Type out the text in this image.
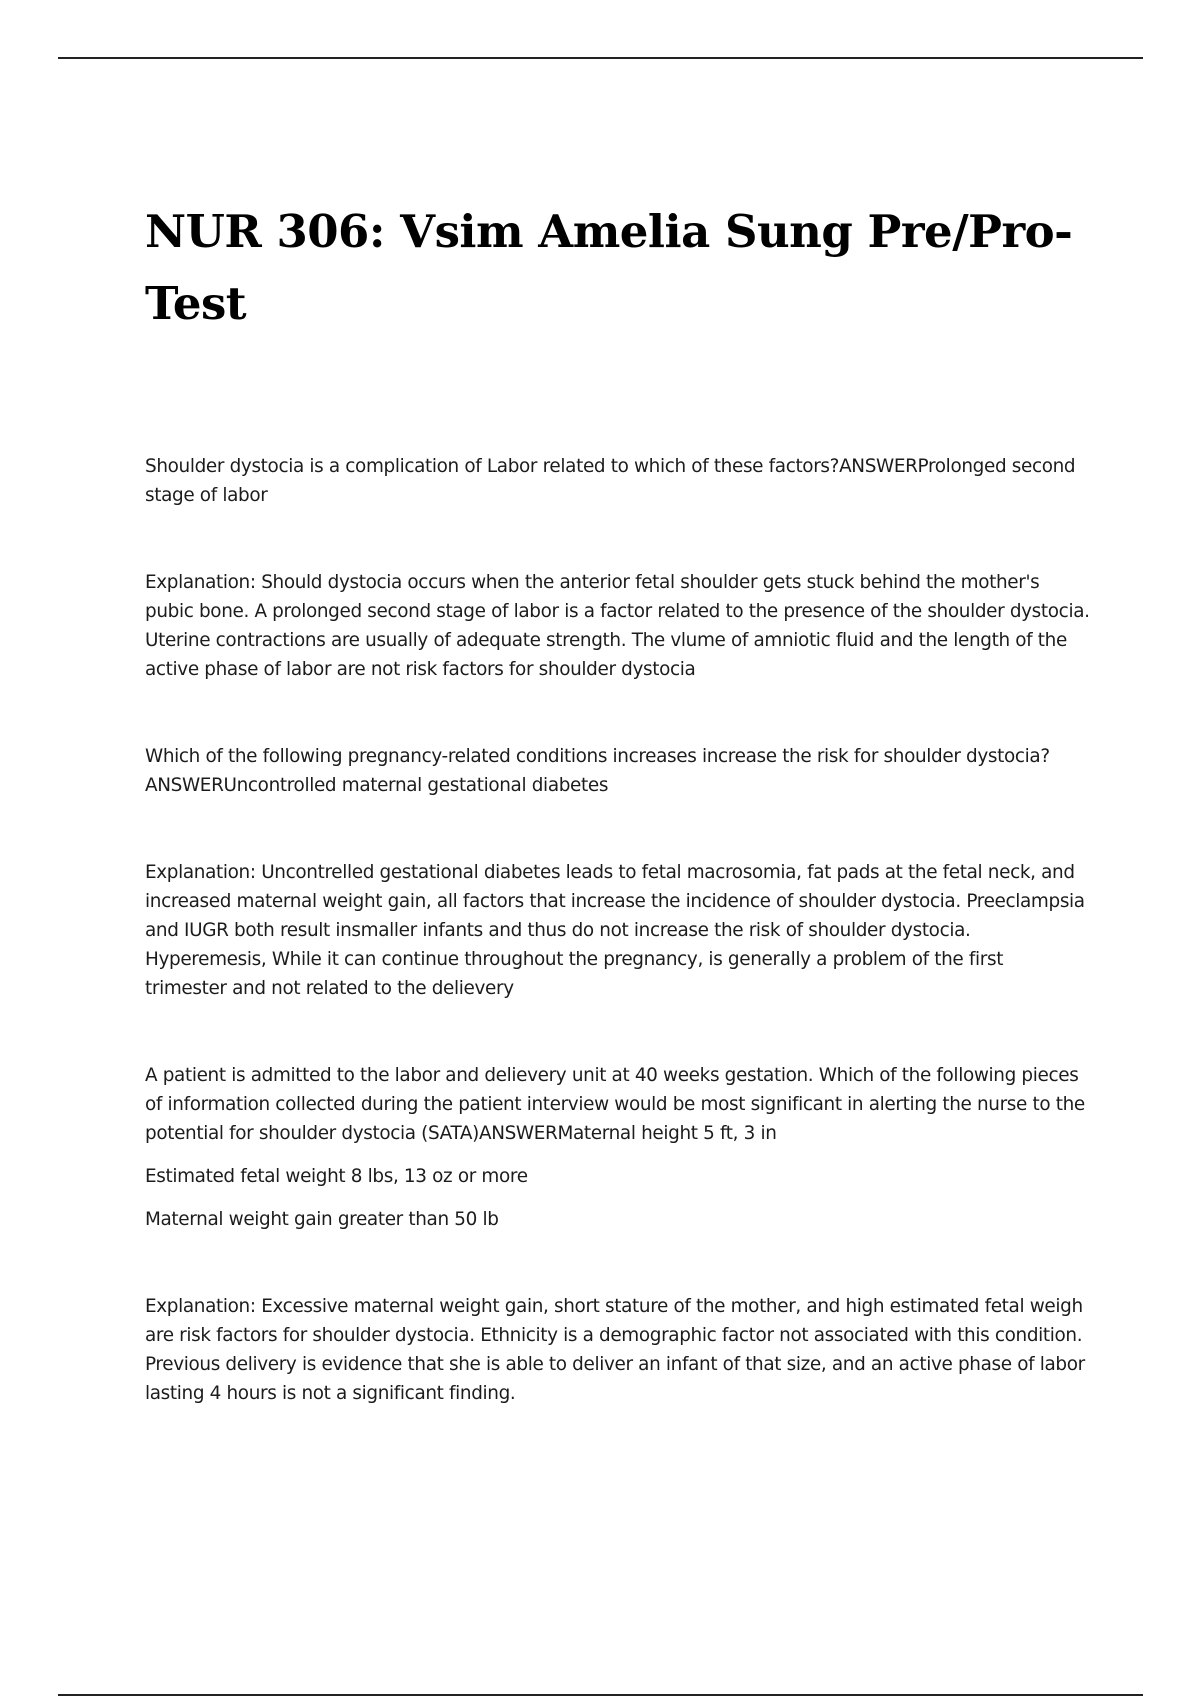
NUR 306: Vsim Amelia Sung Pre/Pro-Test

Shoulder dystocia is a complication of Labor related to which of these factors?ANSWERProlonged second stage of labor

Explanation: Should dystocia occurs when the anterior fetal shoulder gets stuck behind the mother's pubic bone. A prolonged second stage of labor is a factor related to the presence of the shoulder dystocia. Uterine contractions are usually of adequate strength. The vlume of amniotic fluid and the length of the active phase of labor are not risk factors for shoulder dystocia

Which of the following pregnancy-related conditions increases increase the risk for shoulder dystocia?ANSWERUncontrolled maternal gestational diabetes

Explanation: Uncontrelled gestational diabetes leads to fetal macrosomia, fat pads at the fetal neck, and increased maternal weight gain, all factors that increase the incidence of shoulder dystocia. Preeclampsia and IUGR both result insmaller infants and thus do not increase the risk of shoulder dystocia. Hyperemesis, While it can continue throughout the pregnancy, is generally a problem of the first trimester and not related to the delievery

A patient is admitted to the labor and delievery unit at 40 weeks gestation. Which of the following pieces of information collected during the patient interview would be most significant in alerting the nurse to the potential for shoulder dystocia (SATA)ANSWERMaternal height 5 ft, 3 in

Estimated fetal weight 8 lbs, 13 oz or more

Maternal weight gain greater than 50 lb

Explanation: Excessive maternal weight gain, short stature of the mother, and high estimated fetal weigh are risk factors for shoulder dystocia. Ethnicity is a demographic factor not associated with this condition. Previous delivery is evidence that she is able to deliver an infant of that size, and an active phase of labor lasting 4 hours is not a significant finding.
